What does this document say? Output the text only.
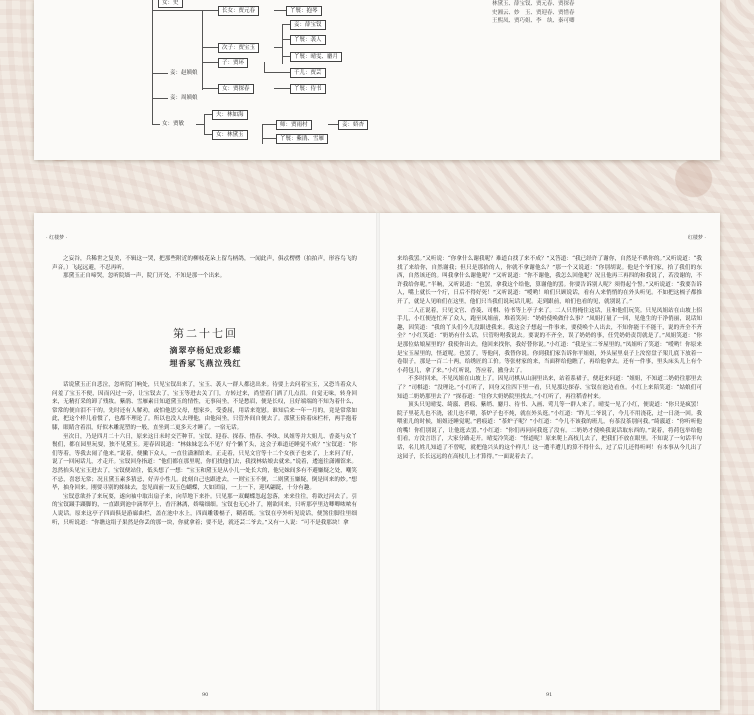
女：史
长女：贾元春	丫鬟：抱琴
次子：贾宝玉
妾：薛宝钗
丫鬟：袭人
丫鬟：晴雯、麝月
妾：赵姨娘
子：贾环
千儿：贾芸
女：贾探春	丫鬟：侍书
妾：周姨娘
女：贾敏
夫：林如海
女：林黛玉
师：贾雨村	妾：娇杏
丫鬟：紫鹃、雪雁
林黛玉、薛宝钗、贾元春、贾探春
史湘云、妙　玉、贾迎春、贾惜春
王熙凤、贾巧姐、李　纨、秦可卿
· 红楼梦 ·

之妄谷，兵稀世之复美，不辑这一哭，把那些附近的柳枝花朵上留鸟柄鸽，一闻此声，俱忒楞楞（拍拍声，形容鸟飞的声音。）飞起远避，不忍再听。

那黛玉正自啼哭，忽听院墙一声，院门开处，不知是那一个出来。

第二十七回
滴翠亭杨妃戏彩蝶
埋香冢飞燕泣残红

话说黛玉正自悲泣，忽听院门响处，只见宝钗出来了，宝玉、袭人一群人都送出来。待要上去问着宝玉，又恐当着众人问羞了宝玉不便，因而闪过一旁，让宝钗去了，宝玉等进去关了门，方转过来，尚望着门洒了几点泪。自觉无味，转身回来，无精打采的卸了残妆。紫鹃、雪雁素日知道黛玉的情性，无事闷坐，不是愁眉，便是长叹，且好端端的不知为着什么，常常的便自泪不干的。先时还有人解劝，或怕他思父母，想家乡，受委屈，用话来宽慰。谁知后来一年一月的，竟是常常如此，把这个样儿看惯了，也都不理论了。所以也没人去理他，由他闷坐，只管外间自便去了。那黛玉倚着床栏杆，两手抱着膝，眼睛含着泪，好似木雕泥塑的一般，直坐到二更多天才睡了。一宿无话。

至次日，乃是四月二十六日，原来这日未时交芒种节。宝钗、迎春、探春、惜春、李纨、凤姐等并大姐儿、香菱与众丫鬟们，都在园里玩耍，独不见黛玉。迎春因说道：“林妹妹怎么不见？好个懒丫头，这会子难道还睡觉不成？”宝钗道：“你们等着，等我去闹了他来。”说着，便撇下众人，一直往潇湘馆来。正走着，只见文官等十二个女孩子也来了，上来问了好，说了一回闲话儿，才走开。宝钗回身指道：“他们都在那里呢，你们找他们去，我找林姑娘去就来。”说着，逶迤往潇湘馆来。忽然抬头见宝玉进去了，宝钗便站住，低头想了一想：“宝玉和黛玉是从小儿一处长大的，他兄妹间多有不避嫌疑之处，嘲笑不忌，喜怒无常；况且黛玉素多猜忌，好弄小性儿。此刻自己也跟进去，一则宝玉不便，二则黛玉嫌疑，倒是回来的妙。”想毕，抽身回来。刚要寻别的姊妹去，忽见面前一双玉色蝴蝶，大如团扇，一上一下，迎风翩跹，十分有趣。

宝钗意欲扑了来玩耍，遂向袖中取出扇子来，向草地下来扑。只见那一双蝴蝶忽起忽落，来来往往，将欲过河去了。引的宝钗蹑手蹑脚的，一直跟到池中滴翠亭上，香汗淋漓，娇喘细细。宝钗也无心扑了，刚欲回来，只听那亭里边唧唧哝哝有人说话。原来这亭子四面俱是游廊曲栏，盖在池中水上，四面雕镂槅子，糊着纸。宝钗在亭外听见说话，便煞住脚往里细听，只听说道：“你瞧这绢子果然是你丢的那一块，你就拿着；要不是，就还芸二爷去。”又有一人说：“可不是我那块！拿

90
红楼梦 ·

来给我罢。”又听说：“你拿什么谢我呢？难道白找了来不成？”又答道：“我已经许了谢你，自然是不哄你的。”又听说道：“我找了来给你，自然谢我；但只是那拾的人，你就不拿谢他么？”那一个又说道：“你别胡说。他是个爷们家，拾了我们的东西，自然该还的。叫我拿什么谢他呢？”又听说道：“你不谢他，我怎么回他呢？况且他再三再四的和我说了，若没谢的，不许我给你呢。”半晌，又听说道：“也罢，拿我这个给他，算谢他的罢。你要告诉别人呢？须得起个誓。”又听说道：“我要告诉人，嘴上就长一个疔，日后不得好死！”又听说道：“嗳哟！咱们只顾说话，看有人来悄悄的在外头听见。不如把这槅子都推开了，就是人见咱们在这里，他们只当我们说玩话儿呢。走到跟前，咱们也看的见，就别说了。”

二人正说着，只见文官、香菱、司棋、待书等上亭子来了。二人只得掩住这话，且和他们玩笑。只见凤姐站在山坡上招手儿，小红便连忙弃了众人，跑至凤姐前，堆着笑问：“奶奶使唤做什么事？”凤姐打量了一回，见他生的干净俏丽，说话知趣，因笑道：“我的丫头们今儿没跟进我来。我这会子想起一件事来，要使唤个人出去，不知你能干不能干，说的齐全不齐全？”小红笑道：“奶奶有什么话，只管吩咐我说去。要说的不齐全，误了奶奶的事，任凭奶奶责罚就是了。”凤姐笑道：“你是那位姑娘屋里的？我使你出去，他回来找你，我好替你说。”小红道：“我是宝二爷屋里的。”凤姐听了笑道：“嗳哟！你原来是宝玉屋里的，怪道呢。也罢了，等他问，我替你说。你到我们家告诉你平姐姐，外头屋里桌子上汝窑盘子架儿底下放着一卷银子，那是一百二十两，给绣匠的工价。等张材家的来，当面秤给他瞧了，再给他拿去。还有一件事，里头床头儿上有个小荷包儿，拿了来。”小红听说，答应着，撤身去了。

不多时回来，不见凤姐在山坡上了。因见司棋从山洞里出来，站着系裙子，便赶来问道：“姐姐，不知道二奶奶往那里去了？”司棋道：“没理论。”小红听了，回身又往四下里一看，只见那边探春、宝钗在池边看鱼。小红上来陪笑道：“姑娘们可知道二奶奶那里去了？”探春道：“往你大奶奶院里找去。”小红听了，再往稻香村来。

顶头只见晴雯、绮霰、碧痕、紫绡、麝月、待书、入画、莺儿等一群人来了。晴雯一见了小红，便说道：“你只是疯罢！院子里花儿也不浇，雀儿也不喂，茶炉子也不炖，就在外头逛。”小红道：“昨儿二爷说了，今儿不用浇花，过一日浇一回。我喂雀儿的时候，姐姐还睡觉呢。”碧痕道：“茶炉子呢？”小红道：“今儿不该我的班儿，有茶没茶别问我。”绮霰道：“你听听他的嘴！你们别说了，让他逛去罢。”小红道：“你们再问问我逛了没有。二奶奶才使唤我说话取东西的。”说着，将荷包举给他们看，方没言语了，大家分路走开。晴雯冷笑道：“怪道呢！原来爬上高枝儿去了，把我们不放在眼里。不知说了一句话半句话，名儿姓儿知道了不曾呢，就把他兴头的这个样儿！这一遭半遭儿的算不得什么，过了后儿还得听呵！有本事从今儿出了这园子，长长远远的在高枝儿上才算得。”一面说着去了。

91
